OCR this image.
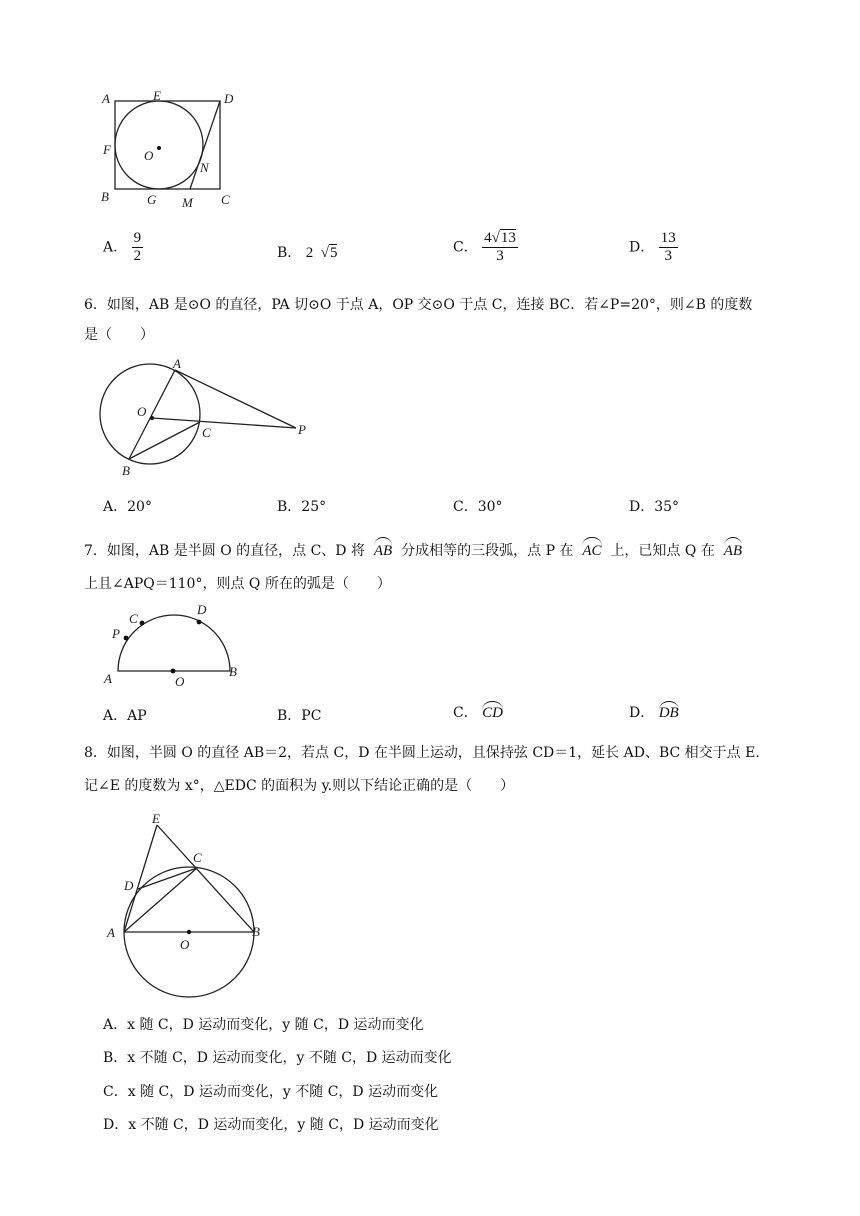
A	E	D
F	O
N
B	G M C
A． $\frac{9}{2}$	B． 2  √5	C． $\frac{4√13}{3}$	D． $\frac{13}{3}$
6．如图，AB 是⊙O 的直径，PA 切⊙O 于点 A，OP 交⊙O 于点 C，连接 BC．若∠P=20°，则∠B 的度数
是（　　）
A
O
C	P
B
A．20°	B．25°	C．30°	D．35°
7．如图，AB 是半圆 O 的直径，点 C、D 将 AB 分成相等的三段弧，点 P 在 AC 上，已知点 Q 在 AB
上且∠APQ＝110°，则点 Q 所在的弧是（　　）
C
D
P
A	O
B
A．AP	B．PC	C． CD	D． DB
8．如图，半圆 O 的直径 AB＝2，若点 C，D 在半圆上运动，且保持弦 CD＝1，延长 AD、BC 相交于点 E.
记∠E 的度数为 x°，△EDC 的面积为 y.则以下结论正确的是（　　）
E
C
D
A
O
B
A．x 随 C，D 运动而变化，y 随 C，D 运动而变化
B．x 不随 C，D 运动而变化，y 不随 C，D 运动而变化
C．x 随 C，D 运动而变化，y 不随 C，D 运动而变化
D．x 不随 C，D 运动而变化，y 随 C，D 运动而变化
